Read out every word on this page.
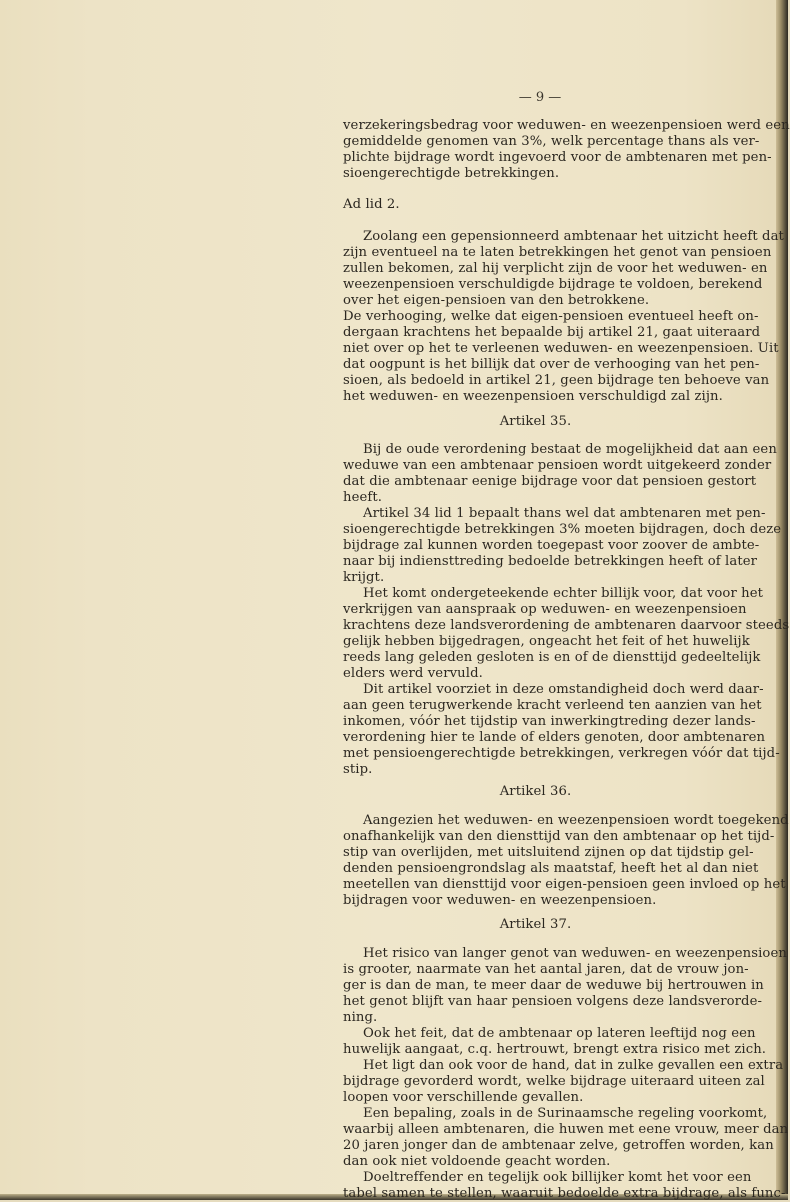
— 9 —
verzekeringsbedrag voor weduwen- en weezenpensioen werd een
gemiddelde genomen van 3%, welk percentage thans als ver-
plichte bijdrage wordt ingevoerd voor de ambtenaren met pen-
sioengerechtigde betrekkingen.
Ad lid 2.
Zoolang een gepensionneerd ambtenaar het uitzicht heeft dat
zijn eventueel na te laten betrekkingen het genot van pensioen
zullen bekomen, zal hij verplicht zijn de voor het weduwen- en
weezenpensioen verschuldigde bijdrage te voldoen, berekend
over het eigen-pensioen van den betrokkene.
De verhooging, welke dat eigen-pensioen eventueel heeft on-
dergaan krachtens het bepaalde bij artikel 21, gaat uiteraard
niet over op het te verleenen weduwen- en weezenpensioen. Uit
dat oogpunt is het billijk dat over de verhooging van het pen-
sioen, als bedoeld in artikel 21, geen bijdrage ten behoeve van
het weduwen- en weezenpensioen verschuldigd zal zijn.
Artikel 35.
Bij de oude verordening bestaat de mogelijkheid dat aan een
weduwe van een ambtenaar pensioen wordt uitgekeerd zonder
dat die ambtenaar eenige bijdrage voor dat pensioen gestort
heeft.
Artikel 34 lid 1 bepaalt thans wel dat ambtenaren met pen-
sioengerechtigde betrekkingen 3% moeten bijdragen, doch deze
bijdrage zal kunnen worden toegepast voor zoover de ambte-
naar bij indiensttreding bedoelde betrekkingen heeft of later
krijgt.
Het komt ondergeteekende echter billijk voor, dat voor het
verkrijgen van aanspraak op weduwen- en weezenpensioen
krachtens deze landsverordening de ambtenaren daarvoor steeds
gelijk hebben bijgedragen, ongeacht het feit of het huwelijk
reeds lang geleden gesloten is en of de diensttijd gedeeltelijk
elders werd vervuld.
Dit artikel voorziet in deze omstandigheid doch werd daar-
aan geen terugwerkende kracht verleend ten aanzien van het
inkomen, vóór het tijdstip van inwerkingtreding dezer lands-
verordening hier te lande of elders genoten, door ambtenaren
met pensioengerechtigde betrekkingen, verkregen vóór dat tijd-
stip.
Artikel 36.
Aangezien het weduwen- en weezenpensioen wordt toegekend
onafhankelijk van den diensttijd van den ambtenaar op het tijd-
stip van overlijden, met uitsluitend zijnen op dat tijdstip gel-
denden pensioengrondslag als maatstaf, heeft het al dan niet
meetellen van diensttijd voor eigen-pensioen geen invloed op het
bijdragen voor weduwen- en weezenpensioen.
Artikel 37.
Het risico van langer genot van weduwen- en weezenpensioen
is grooter, naarmate van het aantal jaren, dat de vrouw jon-
ger is dan de man, te meer daar de weduwe bij hertrouwen in
het genot blijft van haar pensioen volgens deze landsverorde-
ning.
Ook het feit, dat de ambtenaar op lateren leeftijd nog een
huwelijk aangaat, c.q. hertrouwt, brengt extra risico met zich.
Het ligt dan ook voor de hand, dat in zulke gevallen een extra
bijdrage gevorderd wordt, welke bijdrage uiteraard uiteen zal
loopen voor verschillende gevallen.
Een bepaling, zoals in de Surinaamsche regeling voorkomt,
waarbij alleen ambtenaren, die huwen met eene vrouw, meer dan
20 jaren jonger dan de ambtenaar zelve, getroffen worden, kan
dan ook niet voldoende geacht worden.
Doeltreffender en tegelijk ook billijker komt het voor een
tabel samen te stellen, waaruit bedoelde extra bijdrage, als func-
